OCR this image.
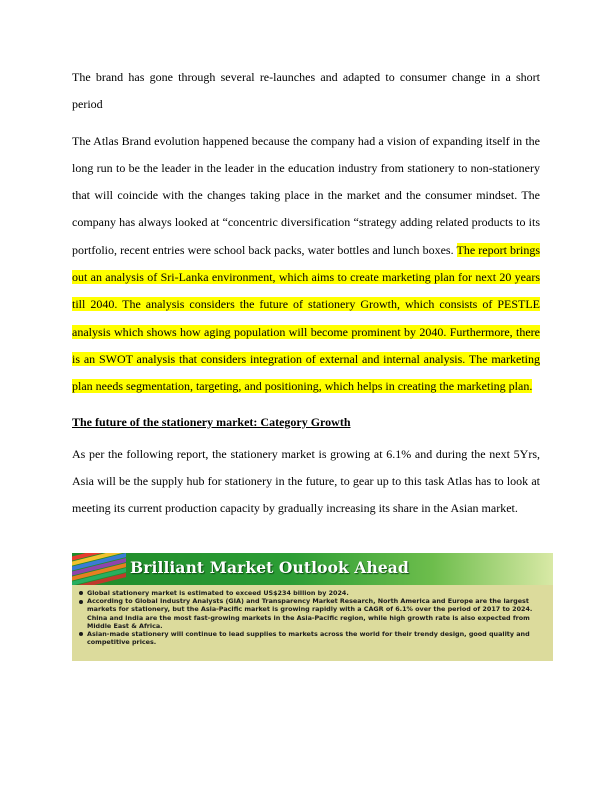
The brand has gone through several re-launches and adapted to consumer change in a short period

The Atlas Brand evolution happened because the company had a vision of expanding itself in the long run to be the leader in the leader in the education industry from stationery to non-stationery that will coincide with the changes taking place in the market and the consumer mindset. The company has always looked at “concentric diversification “strategy adding related products to its portfolio, recent entries were school back packs, water bottles and lunch boxes. The report brings out an analysis of Sri-Lanka environment, which aims to create marketing plan for next 20 years till 2040. The analysis considers the future of stationery Growth, which consists of PESTLE analysis which shows how aging population will become prominent by 2040. Furthermore, there is an SWOT analysis that considers integration of external and internal analysis. The marketing plan needs segmentation, targeting, and positioning, which helps in creating the marketing plan.

The future of the stationery market: Category Growth

As per the following report, the stationery market is growing at 6.1% and during the next 5Yrs, Asia will be the supply hub for stationery in the future, to gear up to this task Atlas has to look at meeting its current production capacity by gradually increasing its share in the Asian market.

Brilliant Market Outlook Ahead
Global stationery market is estimated to exceed US$234 billion by 2024.
According to Global Industry Analysts (GIA) and Transparency Market Research, North America and Europe are the largest markets for stationery, but the Asia-Pacific market is growing rapidly with a CAGR of 6.1% over the period of 2017 to 2024. China and India are the most fast-growing markets in the Asia-Pacific region, while high growth rate is also expected from Middle East & Africa.
Asian-made stationery will continue to lead supplies to markets across the world for their trendy design, good quality and competitive prices.
